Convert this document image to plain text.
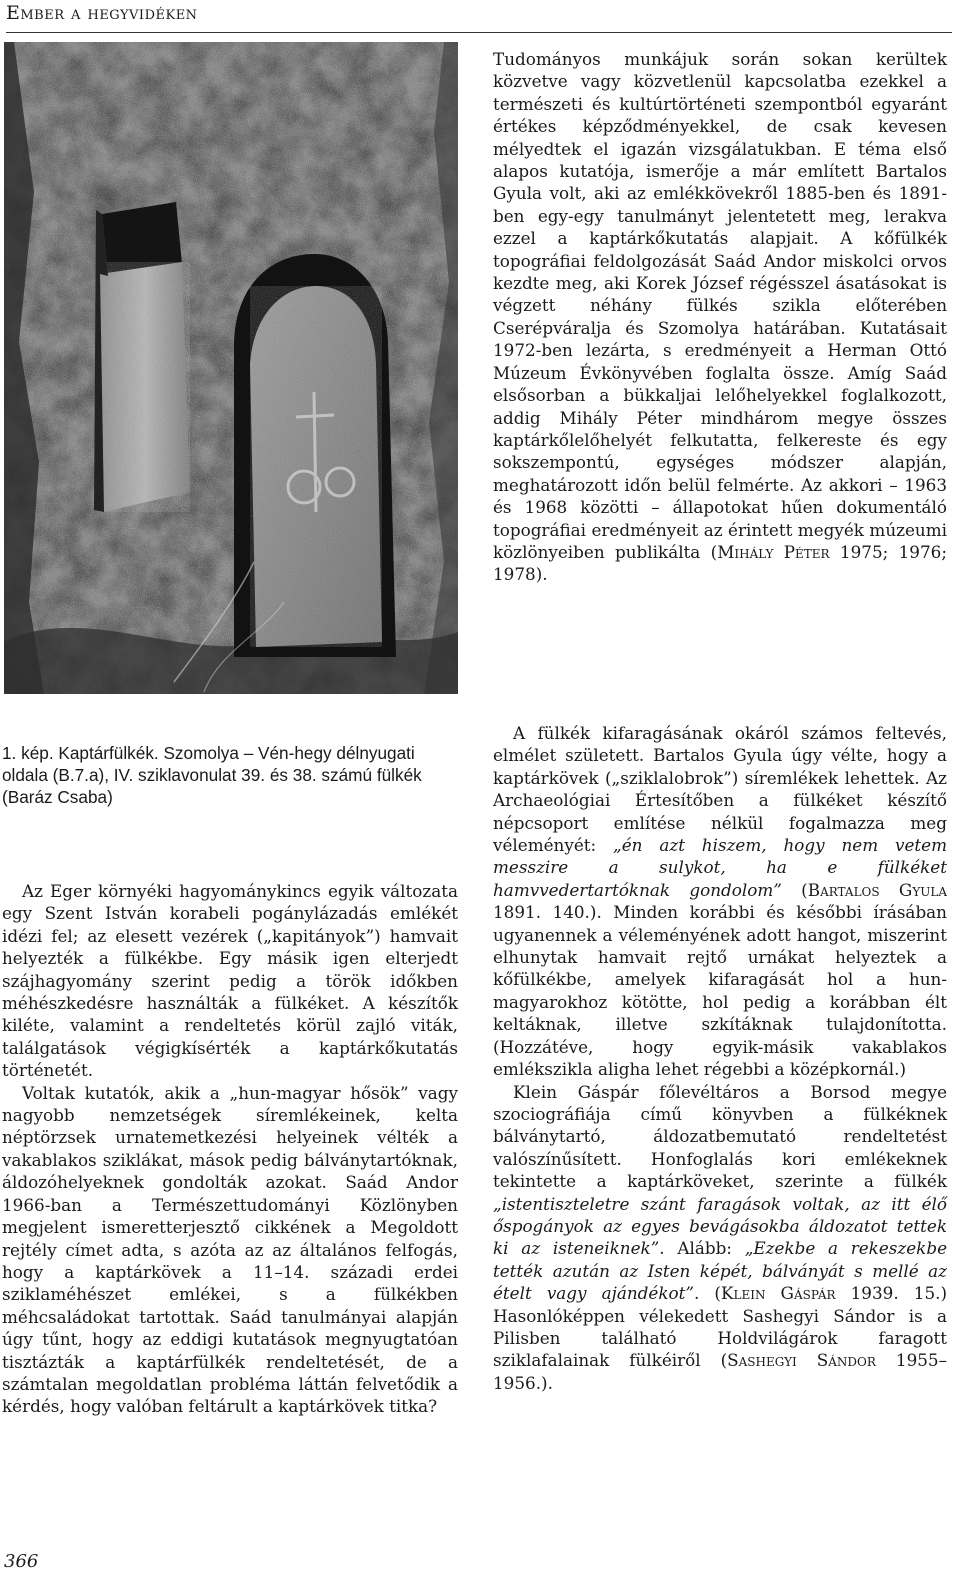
Ember a hegyvidéken
1. kép. Kaptárfülkék. Szomolya – Vén-hegy délnyugati oldala (B.7.a), IV. sziklavonulat 39. és 38. számú fülkék (Baráz Csaba)

Az Eger környéki hagyománykincs egyik változata egy Szent István korabeli pogánylázadás emlékét idézi fel; az elesett vezérek („kapitányok”) hamvait helyezték a fülkékbe. Egy másik igen elterjedt szájhagyomány szerint pedig a török időkben méhészkedésre használták a fülkéket. A készítők kiléte, valamint a rendeltetés körül zajló viták, találgatások végigkísérték a kaptárkőkutatás történetét.

Voltak kutatók, akik a „hun-magyar hősök” vagy nagyobb nemzetségek síremlékeinek, kelta néptörzsek urnatemetkezési helyeinek vélték a vakablakos sziklákat, mások pedig bálványtartóknak, áldozóhelyeknek gondolták azokat. Saád Andor 1966-ban a Természettudományi Közlönyben megjelent ismeretterjesztő cikkének a Megoldott rejtély címet adta, s azóta az az általános felfogás, hogy a kaptárkövek a 11–14. századi erdei sziklaméhészet emlékei, s a fülkékben méhcsaládokat tartottak. Saád tanulmányai alapján úgy tűnt, hogy az eddigi kutatások megnyugtatóan tisztázták a kaptárfülkék rendeltetését, de a számtalan megoldatlan probléma láttán felvetődik a kérdés, hogy valóban feltárult a kaptárkövek titka?

Tudományos munkájuk során sokan kerültek közvetve vagy közvetlenül kapcsolatba ezekkel a természeti és kultúrtörténeti szempontból egyaránt értékes képződményekkel, de csak kevesen mélyedtek el igazán vizsgálatukban. E téma első alapos kutatója, ismerője a már említett Bartalos Gyula volt, aki az emlékkövekről 1885-ben és 1891-ben egy-egy tanulmányt jelentetett meg, lerakva ezzel a kaptárkőkutatás alapjait. A kőfülkék topográfiai feldolgozását Saád Andor miskolci orvos kezdte meg, aki Korek József régésszel ásatásokat is végzett néhány fülkés szikla előterében Cserépváralja és Szomolya határában. Kutatásait 1972-ben lezárta, s eredményeit a Herman Ottó Múzeum Évkönyvében foglalta össze. Amíg Saád elsősorban a bükkaljai lelőhelyekkel foglalkozott, addig Mihály Péter mindhárom megye összes kaptárkőlelőhelyét felkutatta, felkereste és egy sokszempontú, egységes módszer alapján, meghatározott időn belül felmérte. Az akkori – 1963 és 1968 közötti – állapotokat hűen dokumentáló topográfiai eredményeit az érintett megyék múzeumi közlönyeiben publikálta (Mihály Péter 1975; 1976; 1978).

A fülkék kifaragásának okáról számos feltevés, elmélet született. Bartalos Gyula úgy vélte, hogy a kaptárkövek („sziklalobrok”) síremlékek lehettek. Az Archaeológiai Értesítőben a fülkéket készítő népcsoport említése nélkül fogalmazza meg véleményét: „én azt hiszem, hogy nem vetem messzire a sulykot, ha e fülkéket hamvvedertartóknak gondolom” (Bartalos Gyula 1891. 140.). Minden korábbi és későbbi írásában ugyanennek a véleményének adott hangot, miszerint elhunytak hamvait rejtő urnákat helyeztek a kőfülkékbe, amelyek kifaragását hol a hun-magyarokhoz kötötte, hol pedig a korábban élt keltáknak, illetve szkítáknak tulajdonította. (Hozzátéve, hogy egyik-másik vakablakos emlékszikla aligha lehet régebbi a középkornál.)

Klein Gáspár főlevéltáros a Borsod megye szociográfiája című könyvben a fülkéknek bálványtartó, áldozatbemutató rendeltetést valószínűsített. Honfoglalás kori emlékeknek tekintette a kaptárköveket, szerinte a fülkék „istentiszteletre szánt faragások voltak, az itt élő őspogányok az egyes bevágásokba áldozatot tettek ki az isteneiknek”. Alább: „Ezekbe a rekeszekbe tették azután az Isten képét, bálványát s mellé az ételt vagy ajándékot”. (Klein Gáspár 1939. 15.) Hasonlóképpen vélekedett Sashegyi Sándor is a Pilisben található Holdvilágárok faragott sziklafalainak fülkéiről (Sashegyi Sándor 1955–1956.).

366
